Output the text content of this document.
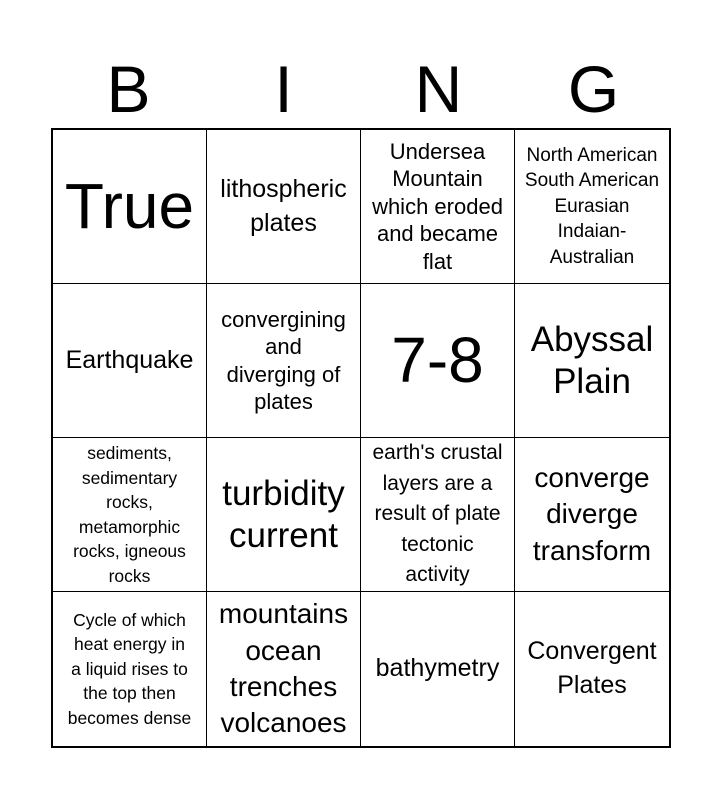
B	I	N	G
True	lithospheric
plates
Undersea
Mountain
which eroded
and became
flat
North American
South American
Eurasian
Indaian-
Australian
Earthquake
convergining
and
diverging of
plates
7-8	Abyssal
Plain
sediments,
sedimentary
rocks,
metamorphic
rocks, igneous
rocks
turbidity
current
earth's crustal
layers are a
result of plate
tectonic
activity
converge
diverge
transform
Cycle of which
heat energy in
a liquid rises to
the top then
becomes dense
mountains
ocean
trenches
volcanoes
bathymetry
Convergent
Plates
